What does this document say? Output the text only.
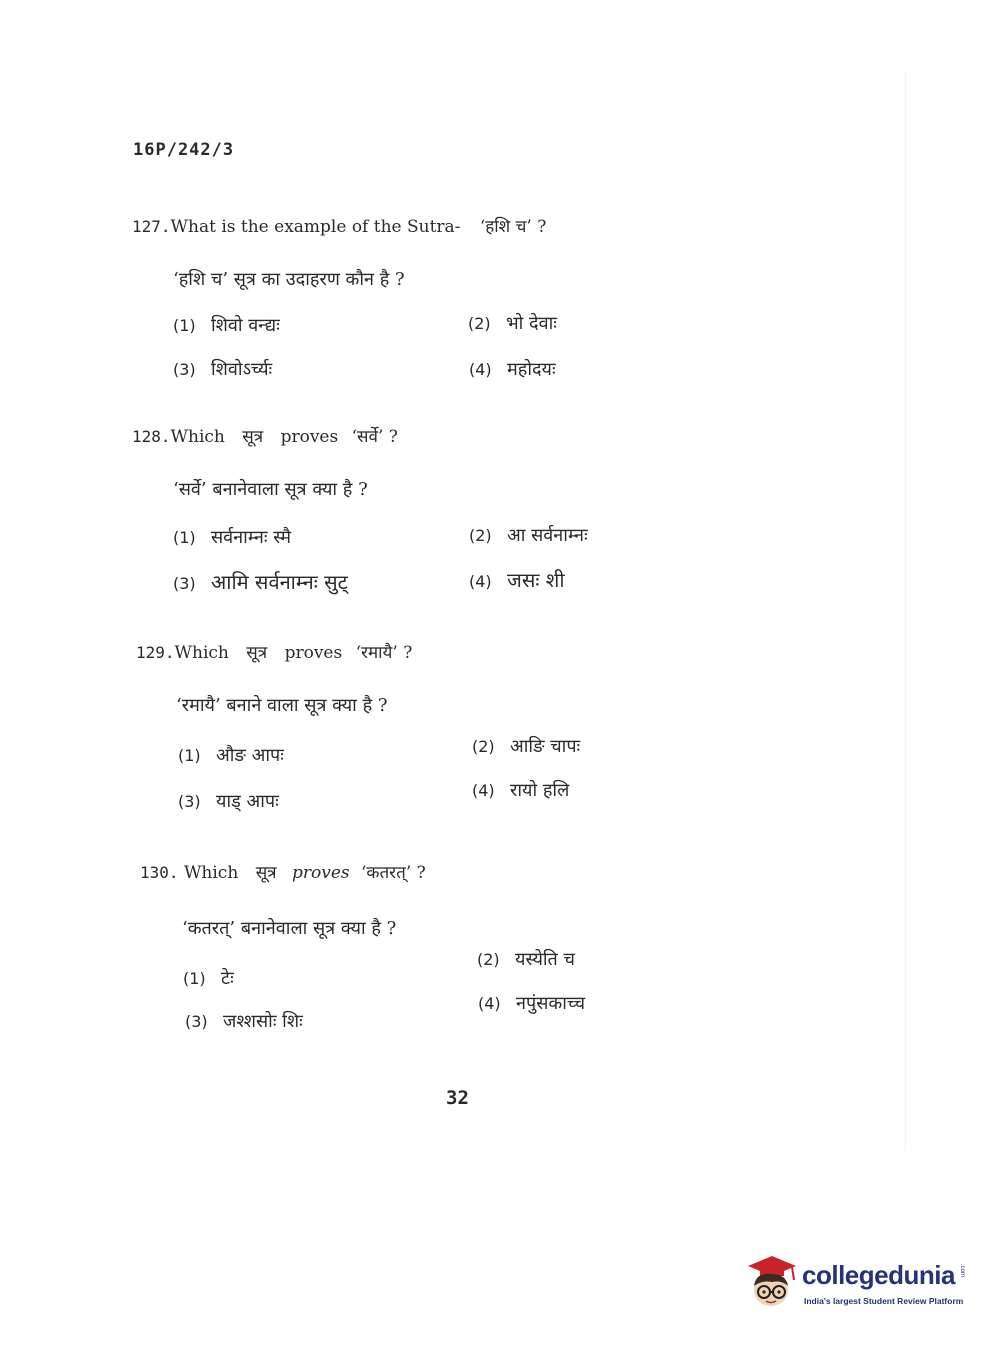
16P/242/3
127.What is the example of the Sutra- ‘हशि च’ ?
‘हशि च’ सूत्र का उदाहरण कौन है ?
(1) शिवो वन्द्यः	(2) भो देवाः
(3) शिवोऽर्च्यः	(4) महोदयः
128.Which सूत्र proves ‘सर्वे’ ?
‘सर्वे’ बनानेवाला सूत्र क्या है ?
(1) सर्वनाम्नः स्मै	(2) आ सर्वनाम्नः
(3) आमि सर्वनाम्नः सुट्	(4) जसः शी
129.Which सूत्र proves ‘रमायै’ ?
‘रमायै’ बनाने वाला सूत्र क्या है ?
(1) औङ आपः	(2) आङि चापः
(3) याड् आपः
(4) रायो हलि
130. Which सूत्र proves ‘कतरत्’ ?
‘कतरत्’ बनानेवाला सूत्र क्या है ?
(1) टेः
(2) यस्येति च
(3) जश्शसोः शिः
(4) नपुंसकाच्च
32
collegedunia .com
India's largest Student Review Platform
